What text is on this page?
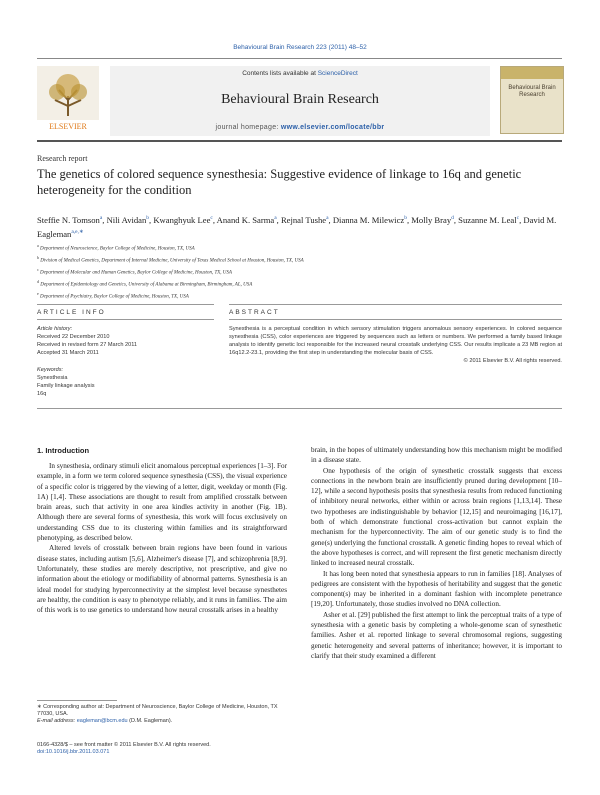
Behavioural Brain Research 223 (2011) 48–52
ELSEVIER
Contents lists available at ScienceDirect
Behavioural Brain Research
journal homepage: www.elsevier.com/locate/bbr
Behavioural Brain Research
Research report
The genetics of colored sequence synesthesia: Suggestive evidence of linkage to 16q and genetic heterogeneity for the condition
Steffie N. Tomson$^a$, Nili Avidan$^b$, Kwanghyuk Lee$^c$, Anand K. Sarma$^a$, Rejnal Tushe$^a$, Dianna M. Milewicz$^b$, Molly Bray$^d$, Suzanne M. Leal$^c$, David M. Eagleman$^{a,e,∗}$
$^a$ Department of Neuroscience, Baylor College of Medicine, Houston, TX, USA
$^b$ Division of Medical Genetics, Department of Internal Medicine, University of Texas Medical School at Houston, Houston, TX, USA
$^c$ Department of Molecular and Human Genetics, Baylor College of Medicine, Houston, TX, USA
$^d$ Department of Epidemiology and Genetics, University of Alabama at Birmingham, Birmingham, AL, USA
$^e$ Department of Psychiatry, Baylor College of Medicine, Houston, TX, USA
ARTICLE INFO	ABSTRACT
Article history:
Received 22 December 2010
Received in revised form 27 March 2011
Accepted 31 March 2011
Keywords:
Synesthesia
Family linkage analysis
16q
Synesthesia is a perceptual condition in which sensory stimulation triggers anomalous sensory experiences. In colored sequence synesthesia (CSS), color experiences are triggered by sequences such as letters or numbers. We performed a family based linkage analysis to identify genetic loci responsible for the increased neural crosstalk underlying CSS. Our results implicate a 23 MB region at 16q12.2-23.1, providing the first step in understanding the molecular basis of CSS.
© 2011 Elsevier B.V. All rights reserved.
1. Introduction

In synesthesia, ordinary stimuli elicit anomalous perceptual experiences [1–3]. For example, in a form we term colored sequence synesthesia (CSS), the visual experience of a specific color is triggered by the viewing of a letter, digit, weekday or month (Fig. 1A) [1,4]. These associations are thought to result from amplified crosstalk between brain areas, such that activity in one area kindles activity in another (Fig. 1B). Although there are several forms of synesthesia, this work will focus exclusively on understanding CSS due to its clustering within families and its straightforward phenotyping, as described below.

Altered levels of crosstalk between brain regions have been found in various disease states, including autism [5,6], Alzheimer's disease [7], and schizophrenia [8,9]. Unfortunately, these studies are merely descriptive, not prescriptive, and give no information about the etiology or modifiability of abnormal patterns. Synesthesia is an ideal model for studying hyperconnectivity at the simplest level because synesthetes are healthy, the condition is easy to phenotype reliably, and it runs in families. The aim of this work is to use genetics to understand how neural crosstalk arises in a healthy

brain, in the hopes of ultimately understanding how this mechanism might be modified in a disease state.

One hypothesis of the origin of synesthetic crosstalk suggests that excess connections in the newborn brain are insufficiently pruned during development [10–12], while a second hypothesis posits that synesthesia results from reduced functioning of inhibitory neural networks, either within or across brain regions [1,13,14]. These two hypotheses are indistinguishable by behavior [12,15] and neuroimaging [16,17], both of which demonstrate functional cross-activation but cannot explain the mechanism for the hyperconnectivity. The aim of our genetic study is to find the gene(s) underlying the functional crosstalk. A genetic finding hopes to reveal which of the above hypotheses is correct, and will represent the first genetic mechanism directly linked to increased neural crosstalk.

It has long been noted that synesthesia appears to run in families [18]. Analyses of pedigrees are consistent with the hypothesis of heritability and suggest that the genetic component(s) may be inherited in a dominant fashion with incomplete penetrance [19,20]. Unfortunately, those studies involved no DNA collection.

Asher et al. [29] published the first attempt to link the perceptual traits of a type of synesthesia with a genetic basis by completing a whole-genome scan of synesthetic families. Asher et al. reported linkage to several chromosomal regions, suggesting genetic heterogeneity and several patterns of inheritance; however, it is important to clarify that their study examined a different

∗ Corresponding author at: Department of Neuroscience, Baylor College of Medicine, Houston, TX 77030, USA.
E-mail address: eagleman@bcm.edu (D.M. Eagleman).
0166-4328/$ – see front matter © 2011 Elsevier B.V. All rights reserved.
doi:10.1016/j.bbr.2011.03.071
